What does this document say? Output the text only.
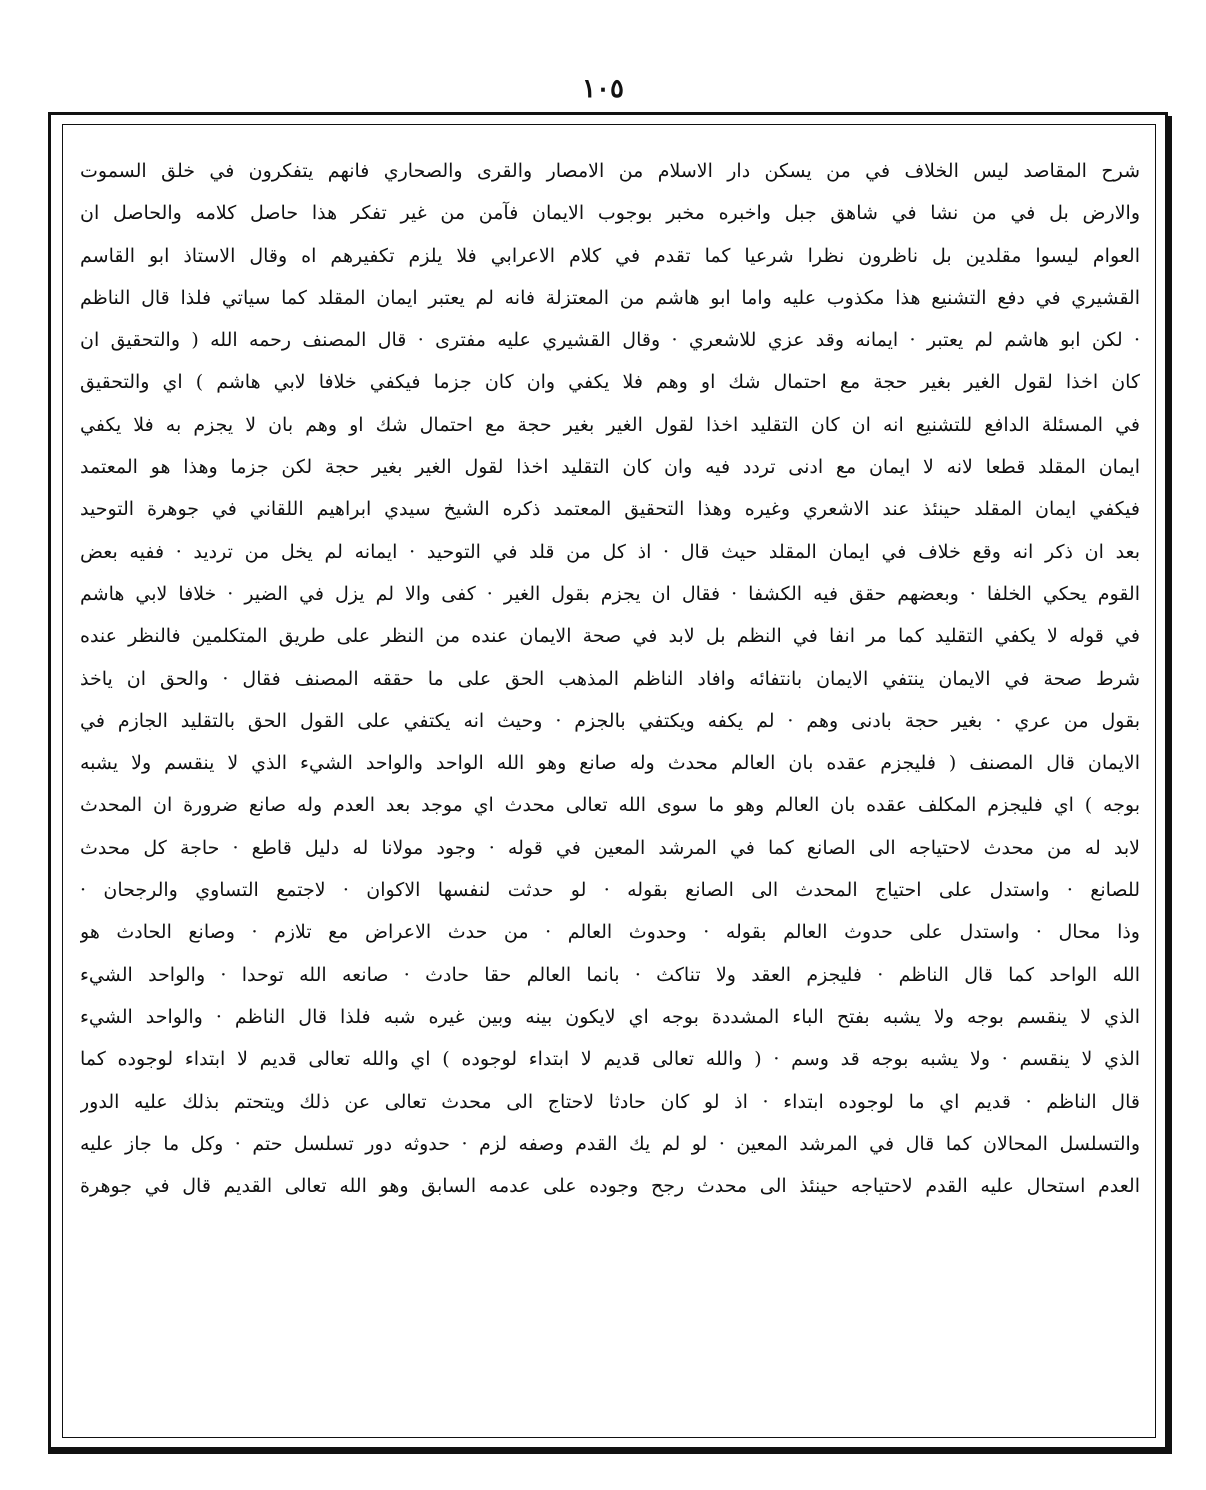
١٠٥
شرح المقاصد ليس الخلاف في من يسكن دار الاسلام من الامصار والقرى والصحاري فانهم يتفكرون في خلق السموت
والارض بل في من نشا في شاهق جبل واخبره مخبر بوجوب الايمان فآمن من غير تفكر هذا حاصل كلامه والحاصل ان
العوام ليسوا مقلدين بل ناظرون نظرا شرعيا كما تقدم في كلام الاعرابي فلا يلزم تكفيرهم اه وقال الاستاذ ابو القاسم
القشيري في دفع التشنيع هذا مكذوب عليه واما ابو هاشم من المعتزلة فانه لم يعتبر ايمان المقلد كما سياتي فلذا قال الناظم
· لكن ابو هاشم لم يعتبر · ايمانه وقد عزي للاشعري · وقال القشيري عليه مفترى · قال المصنف رحمه الله ( والتحقيق ان
كان اخذا لقول الغير بغير حجة مع احتمال شك او وهم فلا يكفي وان كان جزما فيكفي خلافا لابي هاشم ) اي والتحقيق
في المسئلة الدافع للتشنيع انه ان كان التقليد اخذا لقول الغير بغير حجة مع احتمال شك او وهم بان لا يجزم به فلا يكفي
ايمان المقلد قطعا لانه لا ايمان مع ادنى تردد فيه وان كان التقليد اخذا لقول الغير بغير حجة لكن جزما وهذا هو المعتمد
فيكفي ايمان المقلد حينئذ عند الاشعري وغيره وهذا التحقيق المعتمد ذكره الشيخ سيدي ابراهيم اللقاني في جوهرة التوحيد
بعد ان ذكر انه وقع خلاف في ايمان المقلد حيث قال · اذ كل من قلد في التوحيد · ايمانه لم يخل من ترديد · ففيه بعض
القوم يحكي الخلفا · وبعضهم حقق فيه الكشفا · فقال ان يجزم بقول الغير · كفى والا لم يزل في الضير · خلافا لابي هاشم
في قوله لا يكفي التقليد كما مر انفا في النظم بل لابد في صحة الايمان عنده من النظر على طريق المتكلمين فالنظر عنده
شرط صحة في الايمان ينتفي الايمان بانتفائه وافاد الناظم المذهب الحق على ما حققه المصنف فقال · والحق ان ياخذ
بقول من عري · بغير حجة بادنى وهم · لم يكفه ويكتفي بالجزم · وحيث انه يكتفي على القول الحق بالتقليد الجازم في
الايمان قال المصنف ( فليجزم عقده بان العالم محدث وله صانع وهو الله الواحد والواحد الشيء الذي لا ينقسم ولا يشبه
بوجه ) اي فليجزم المكلف عقده بان العالم وهو ما سوى الله تعالى محدث اي موجد بعد العدم وله صانع ضرورة ان المحدث
لابد له من محدث لاحتياجه الى الصانع كما في المرشد المعين في قوله · وجود مولانا له دليل قاطع · حاجة كل محدث
للصانع · واستدل على احتياج المحدث الى الصانع بقوله · لو حدثت لنفسها الاكوان · لاجتمع التساوي والرجحان ·
وذا محال · واستدل على حدوث العالم بقوله · وحدوث العالم · من حدث الاعراض مع تلازم · وصانع الحادث هو
الله الواحد كما قال الناظم · فليجزم العقد ولا تناكث · بانما العالم حقا حادث · صانعه الله توحدا · والواحد الشيء
الذي لا ينقسم بوجه ولا يشبه بفتح الباء المشددة بوجه اي لايكون بينه وبين غيره شبه فلذا قال الناظم · والواحد الشيء
الذي لا ينقسم · ولا يشبه بوجه قد وسم · ( والله تعالى قديم لا ابتداء لوجوده ) اي والله تعالى قديم لا ابتداء لوجوده كما
قال الناظم · قديم اي ما لوجوده ابتداء · اذ لو كان حادثا لاحتاج الى محدث تعالى عن ذلك ويتحتم بذلك عليه الدور
والتسلسل المحالان كما قال في المرشد المعين · لو لم يك القدم وصفه لزم · حدوثه دور تسلسل حتم · وكل ما جاز عليه
العدم استحال عليه القدم لاحتياجه حينئذ الى محدث رجح وجوده على عدمه السابق وهو الله تعالى القديم قال في جوهرة
